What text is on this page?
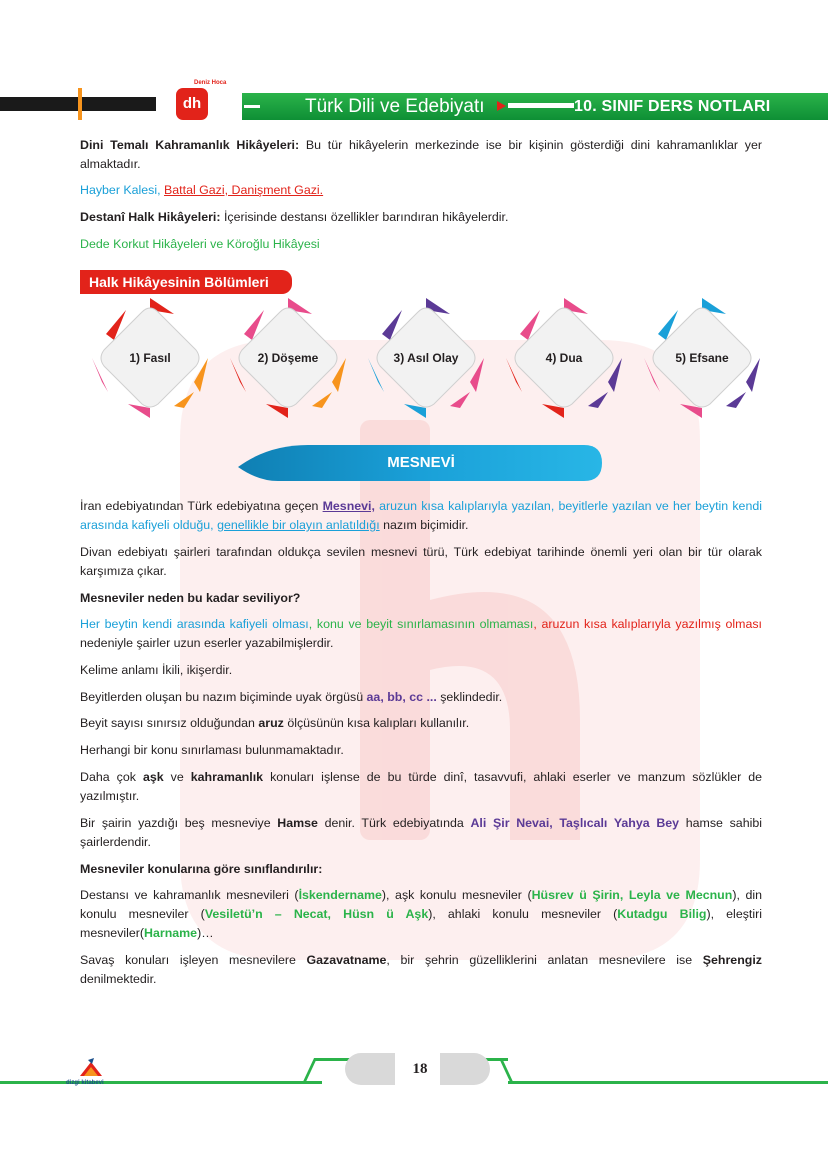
dh
Deniz Hoca
Türk Dili ve Edebiyatı	10. SINIF DERS NOTLARI
Dini Temalı Kahramanlık Hikâyeleri: Bu tür hikâyelerin merkezinde ise bir kişinin gösterdiği dini kahramanlıklar yer almaktadır.
Hayber Kalesi, Battal Gazi, Danişment Gazi.
Destanî Halk Hikâyeleri: İçerisinde destansı özellikler barındıran hikâyelerdir.
Dede Korkut Hikâyeleri ve Köroğlu Hikâyesi
Halk Hikâyesinin Bölümleri
1) Fasıl	2) Döşeme	3) Asıl Olay	4) Dua	5) Efsane
MESNEVİ
İran edebiyatından Türk edebiyatına geçen Mesnevi, aruzun kısa kalıplarıyla yazılan, beyitlerle yazılan ve her beytin kendi arasında kafiyeli olduğu, genellikle bir olayın anlatıldığı nazım biçimidir.
Divan edebiyatı şairleri tarafından oldukça sevilen mesnevi türü, Türk edebiyat tarihinde önemli yeri olan bir tür olarak karşımıza çıkar.
Mesneviler neden bu kadar seviliyor?
Her beytin kendi arasında kafiyeli olması, konu ve beyit sınırlamasının olmaması, aruzun kısa kalıplarıyla yazılmış olması nedeniyle şairler uzun eserler yazabilmişlerdir.
Kelime anlamı İkili, ikişerdir.
Beyitlerden oluşan bu nazım biçiminde uyak örgüsü aa, bb, cc ... şeklindedir.
Beyit sayısı sınırsız olduğundan aruz ölçüsünün kısa kalıpları kullanılır.
Herhangi bir konu sınırlaması bulunmamaktadır.
Daha çok aşk ve kahramanlık konuları işlense de bu türde dinî, tasavvufi, ahlaki eserler ve manzum sözlükler de yazılmıştır.
Bir şairin yazdığı beş mesneviye Hamse denir. Türk edebiyatında Ali Şir Nevai, Taşlıcalı Yahya Bey hamse sahibi şairlerdendir.
Mesneviler konularına göre sınıflandırılır:
Destansı ve kahramanlık mesnevileri (İskendername), aşk konulu mesneviler (Hüsrev ü Şirin, Leyla ve Mecnun), din konulu mesneviler (Vesiletü’n – Necat, Hüsn ü Aşk), ahlaki konulu mesneviler (Kutadgu Bilig), eleştiri mesneviler(Harname)…
Savaş konuları işleyen mesnevilere Gazavatname, bir şehrin güzelliklerini anlatan mesnevilere ise Şehrengiz denilmektedir.
18
dizgi kitabevi
